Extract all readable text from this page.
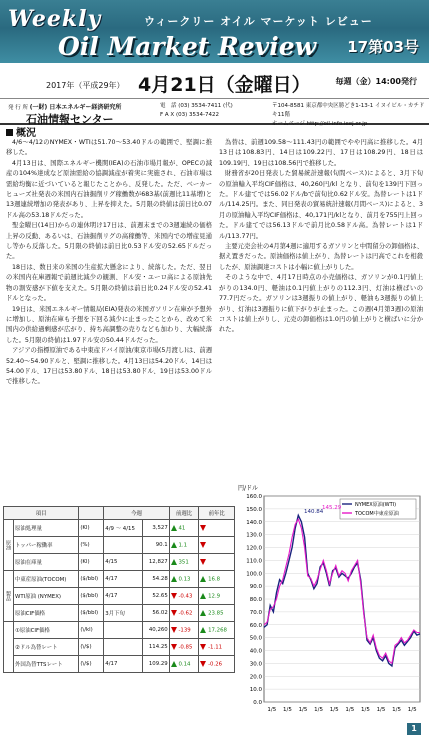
Weekly	ウィークリー オイル マーケット レビュー
Oil Market Review 17第03号
2017年（平成29年） 4月21日（金曜日）	毎週（金）14:00発行
発 行 所 (一財) 日本エネルギー経済研究所
石油情報センター
電　話 (03) 3534-7411 (代)
F A X (03) 3534-7422
〒104-8581 東京都中央区勝どき1-13-1 イヌイビル・カチドキ11階
ホームページ http://oil-info.ieej.or.jp
概況

4/6～4/12のNYMEX・WTIは51.70～53.40ドルの範囲で、堅調に推移した。

4月13日は、国際エネルギー機関(IEA)の石油市場月報が、OPECの減産の104%達成など原油需給の協調減産が着実に実施され、石油市場は需給均衡に近づいていると報じたことから、反発した。ただ、ベーカーヒューズ社発表の米国内石油掘削リグ稼働数が683基(前週比11基増)と13週連続増加の発表があり、上昇を抑えた。5月限の終値は前日比0.07ドル高の53.18ドルだった。

聖金曜日(14日)からの連休明け17日は、前週末までの3週連続の価格上昇の反動、あるいは、石油掘削リグの高稼働等、米国内での増産見通し等から反落した。5月限の終値は前日比0.53ドル安の52.65ドルだった。

18日は、数日来の米国の生産拡大懸念により、続落した。ただ、翌日の米国内在庫週報で前週比減少の観測、ドル安・ユーロ高による原油先物の割安感が下値を支えた。5月限の終値は前日比0.24ドル安の52.41ドルとなった。

19日は、米国エネルギー情報局(EIA)発表の米国ガソリン在庫が予想外に増加し、原油在庫も予想を下回る減少に止まったことから、改めて米国内の供給過剰感が広がり、持ち高調整の売りなども加わり、大幅続落した。5月限の終値は1.97ドル安の50.44ドルだった。

アジアの指標原油である中東産ドバイ原油/東京市場(5月渡し)は、前週52.40～54.90ドルと、堅調に推移した。4月13日は54.20ドル、14日は54.00ドル、17日は53.80ドル、18日は53.80ドル、19日は53.00ドルで推移した。

為替は、前週109.58～111.43円の範囲でやや円高に推移した。4月13日は108.83円、14日は109.22円、17日は108.29円、18日は109.19円、19日は108.56円で推移した。

財務省が20日発表した貿易統計速報(旬間ベース)によると、3月下旬の原油輸入平均CIF価格は、40,260円/kl となり、前旬を139円下回った。ドル建てでは56.02ドル/bで前旬比0.62ドル安。為替レートは1ドル/114.25円。また、同日発表の貿易統計速報(月間ベース)によると、3月の原油輸入平均CIF価格は、40,171円/klとなり、前月を755円上回った。ドル建てでは56.13ドルで前月比0.58ドル高。為替レートは1ドル/113.77円。

主要元売会社の4月第4週に適用するガソリンと中間留分の卸価格は、据え置きだった。原油価格は値上がり、為替レートは円高でこれを相殺したが、原油調達コストは小幅に値上がりした。

そのような中で、4月17日時点の小売価格は、ガソリンが0.1円値上がりの134.0円、軽油は0.1円値上がりの112.3円、灯油は横ばいの77.7円だった。ガソリンは3週振りの値上がり、軽油も3週振りの値上がり、灯油は3週振りに値下がりが止まった。この週(4月第3週)の原油コストは値上がりし、元売の卸価格は1.0円の値上がりと横ばいに分かれた。

項目			今週		前週比	前年比
原油	原油処理量	(Kl)	4/9 ～ 4/15	3,527	41	
	トッパー稼働率	(%)		90.1	1.1	
	原油在庫量	(Kl)	4/15	12,827	351	
製品	中東産原油(TOCOM)	($/bbl)	4/17	54.28	0.13	16.8
	WTI原油 (NYMEX)	($/bbl)	4/17	52.65	-0.43	12.9
	原油CIF価格	($/bbl)	3月下旬	56.02	-0.62	23.85
	①原油CIF価格	(\/kl)		40,260	-139	17,268
	②ドル為替レート	(\/$)		114.25	-0.85	-1.11
	外国為替TTSレート	(\/$)	4/17	109.29	0.14	-0.26
円/ドル
0.0
10.0
20.0
30.0
40.0
50.0
60.0
70.0
80.0
90.0
100.0
110.0
120.0
130.0
140.0
150.0
160.0
1/5 1/5 1/5 1/5 1/5 1/5 1/5 1/5 1/5 1/5
NYMEX原油(WTI)
TOCOM中東産原油
140.84
145.29
1
